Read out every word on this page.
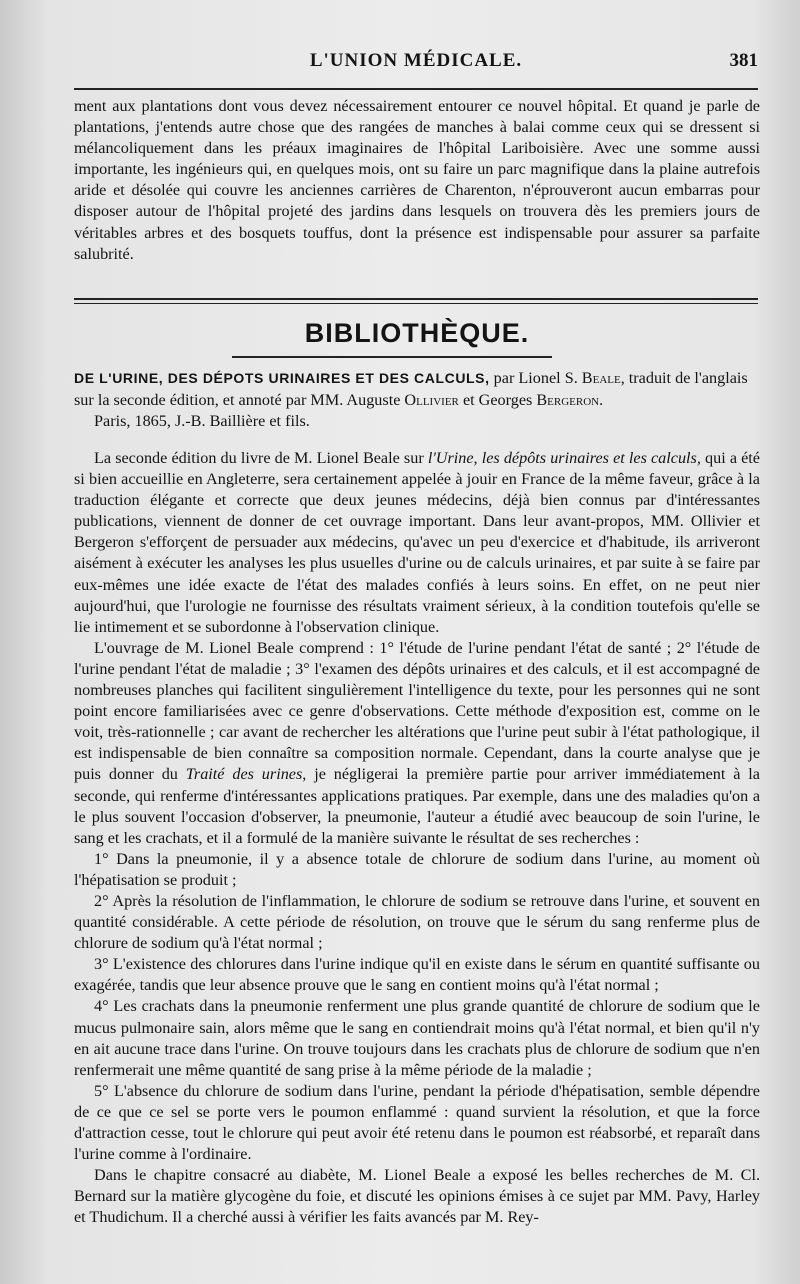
L'UNION MÉDICALE.	381

ment aux plantations dont vous devez nécessairement entourer ce nouvel hôpital. Et quand je parle de plantations, j'entends autre chose que des rangées de manches à balai comme ceux qui se dressent si mélancoliquement dans les préaux imaginaires de l'hôpital Lariboisière. Avec une somme aussi importante, les ingénieurs qui, en quelques mois, ont su faire un parc magnifique dans la plaine autrefois aride et désolée qui couvre les anciennes carrières de Charenton, n'éprouveront aucun embarras pour disposer autour de l'hôpital projeté des jardins dans lesquels on trouvera dès les premiers jours de véritables arbres et des bosquets touffus, dont la présence est indispensable pour assurer sa parfaite salubrité.

BIBLIOTHÈQUE.
DE L'URINE, DES DÉPOTS URINAIRES ET DES CALCULS, par Lionel S. Beale, traduit de l'anglais sur la seconde édition, et annoté par MM. Auguste Ollivier et Georges Bergeron.
Paris, 1865, J.-B. Baillière et fils.

La seconde édition du livre de M. Lionel Beale sur l'Urine, les dépôts urinaires et les calculs, qui a été si bien accueillie en Angleterre, sera certainement appelée à jouir en France de la même faveur, grâce à la traduction élégante et correcte que deux jeunes médecins, déjà bien connus par d'intéressantes publications, viennent de donner de cet ouvrage important. Dans leur avant-propos, MM. Ollivier et Bergeron s'efforçent de persuader aux médecins, qu'avec un peu d'exercice et d'habitude, ils arriveront aisément à exécuter les analyses les plus usuelles d'urine ou de calculs urinaires, et par suite à se faire par eux-mêmes une idée exacte de l'état des malades confiés à leurs soins. En effet, on ne peut nier aujourd'hui, que l'urologie ne fournisse des résultats vraiment sérieux, à la condition toutefois qu'elle se lie intimement et se subordonne à l'observation clinique.

L'ouvrage de M. Lionel Beale comprend : 1° l'étude de l'urine pendant l'état de santé ; 2° l'étude de l'urine pendant l'état de maladie ; 3° l'examen des dépôts urinaires et des calculs, et il est accompagné de nombreuses planches qui facilitent singulièrement l'intelligence du texte, pour les personnes qui ne sont point encore familiarisées avec ce genre d'observations. Cette méthode d'exposition est, comme on le voit, très-rationnelle ; car avant de rechercher les altérations que l'urine peut subir à l'état pathologique, il est indispensable de bien connaître sa composition normale. Cependant, dans la courte analyse que je puis donner du Traité des urines, je négligerai la première partie pour arriver immédiatement à la seconde, qui renferme d'intéressantes applications pratiques. Par exemple, dans une des maladies qu'on a le plus souvent l'occasion d'observer, la pneumonie, l'auteur a étudié avec beaucoup de soin l'urine, le sang et les crachats, et il a formulé de la manière suivante le résultat de ses recherches :

1° Dans la pneumonie, il y a absence totale de chlorure de sodium dans l'urine, au moment où l'hépatisation se produit ;

2° Après la résolution de l'inflammation, le chlorure de sodium se retrouve dans l'urine, et souvent en quantité considérable. A cette période de résolution, on trouve que le sérum du sang renferme plus de chlorure de sodium qu'à l'état normal ;

3° L'existence des chlorures dans l'urine indique qu'il en existe dans le sérum en quantité suffisante ou exagérée, tandis que leur absence prouve que le sang en contient moins qu'à l'état normal ;

4° Les crachats dans la pneumonie renferment une plus grande quantité de chlorure de sodium que le mucus pulmonaire sain, alors même que le sang en contiendrait moins qu'à l'état normal, et bien qu'il n'y en ait aucune trace dans l'urine. On trouve toujours dans les crachats plus de chlorure de sodium que n'en renfermerait une même quantité de sang prise à la même période de la maladie ;

5° L'absence du chlorure de sodium dans l'urine, pendant la période d'hépatisation, semble dépendre de ce que ce sel se porte vers le poumon enflammé : quand survient la résolution, et que la force d'attraction cesse, tout le chlorure qui peut avoir été retenu dans le poumon est réabsorbé, et reparaît dans l'urine comme à l'ordinaire.

Dans le chapitre consacré au diabète, M. Lionel Beale a exposé les belles recherches de M. Cl. Bernard sur la matière glycogène du foie, et discuté les opinions émises à ce sujet par MM. Pavy, Harley et Thudichum. Il a cherché aussi à vérifier les faits avancés par M. Rey-
